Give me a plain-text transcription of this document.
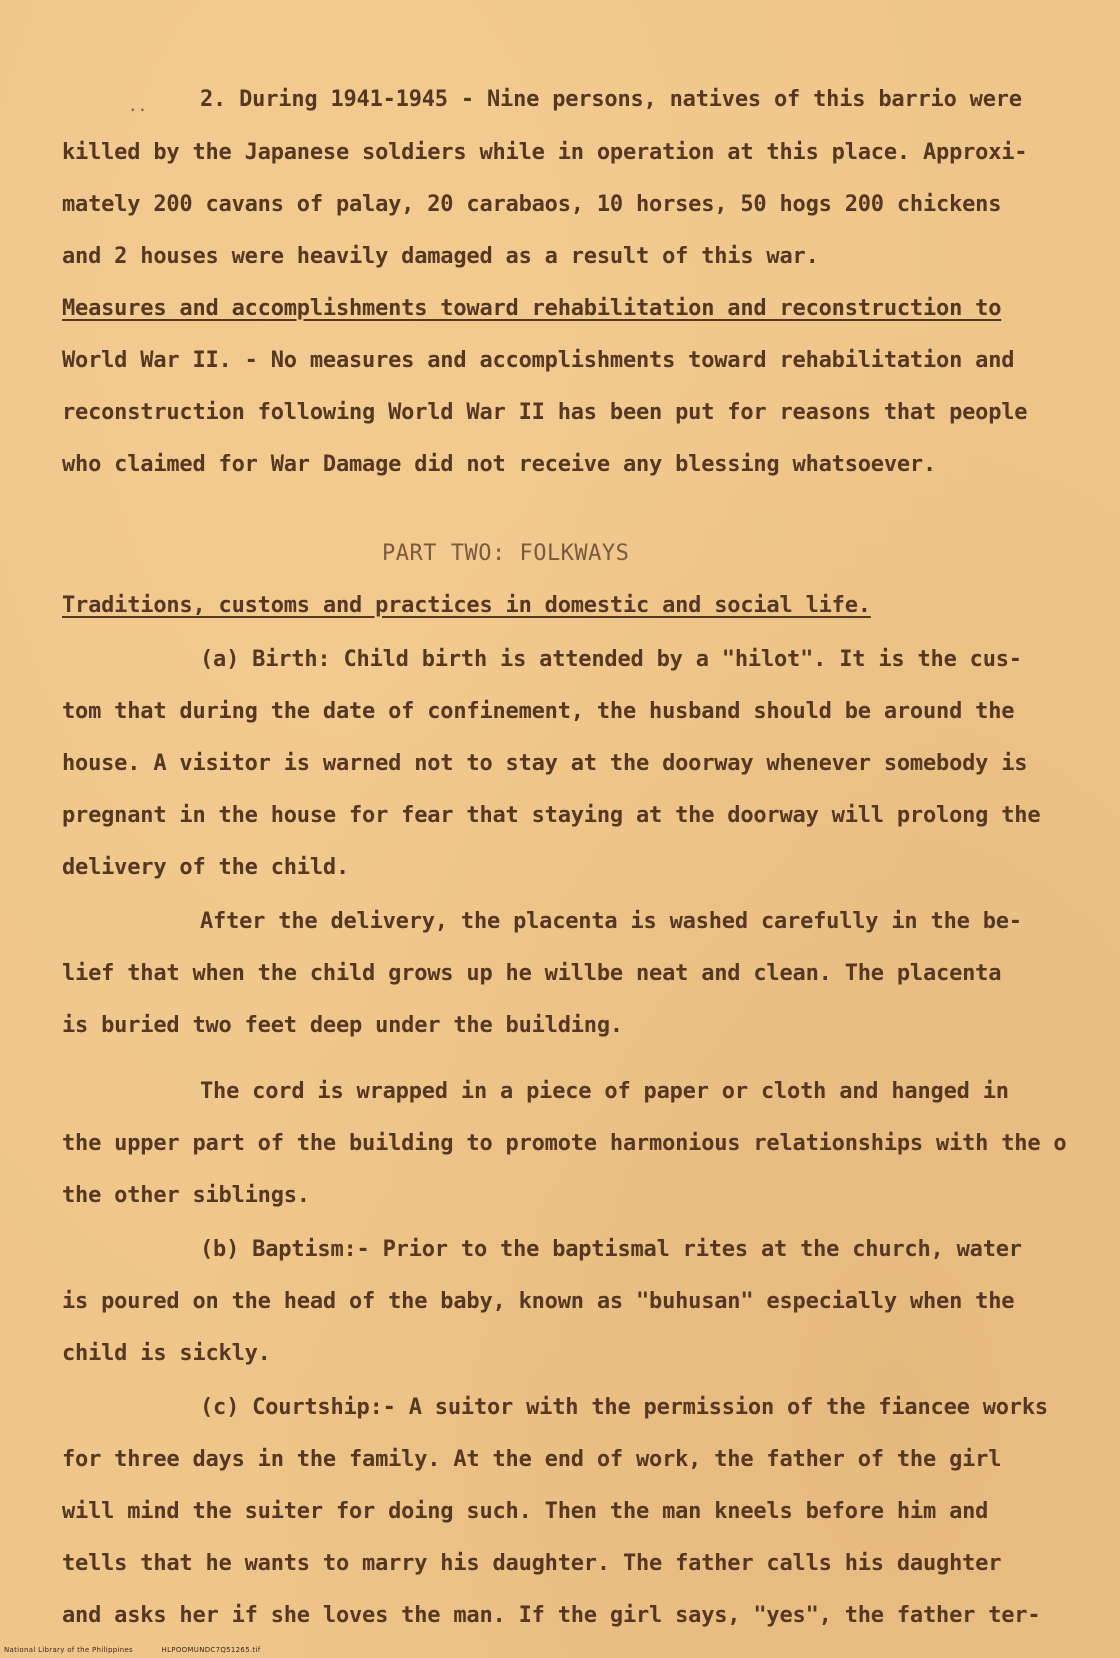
.. 2. During 1941-1945 - Nine persons, natives of this barrio were
killed by the Japanese soldiers while in operation at this place. Approxi-
mately 200 cavans of palay, 20 carabaos, 10 horses, 50 hogs 200 chickens
and 2 houses were heavily damaged as a result of this war.
Measures and accomplishments toward rehabilitation and reconstruction to
World War II. - No measures and accomplishments toward rehabilitation and
reconstruction following World War II has been put for reasons that people
who claimed for War Damage did not receive any blessing whatsoever.
PART TWO: FOLKWAYS
Traditions, customs and practices in domestic and social life.
(a) Birth: Child birth is attended by a "hilot". It is the cus-
tom that during the date of confinement, the husband should be around the
house. A visitor is warned not to stay at the doorway whenever somebody is
pregnant in the house for fear that staying at the doorway will prolong the
delivery of the child.
After the delivery, the placenta is washed carefully in the be-
lief that when the child grows up he willbe neat and clean. The placenta
is buried two feet deep under the building.
The cord is wrapped in a piece of paper or cloth and hanged in
the upper part of the building to promote harmonious relationships with the o
the other siblings.
(b) Baptism:- Prior to the baptismal rites at the church, water
is poured on the head of the baby, known as "buhusan" especially when the
child is sickly.
(c) Courtship:- A suitor with the permission of the fiancee works
for three days in the family. At the end of work, the father of the girl
will mind the suiter for doing such. Then the man kneels before him and
tells that he wants to marry his daughter. The father calls his daughter
and asks her if she loves the man. If the girl says, "yes", the father ter-
National Library of the Philippines	HLPOOMUNDC7Q51265.tif
